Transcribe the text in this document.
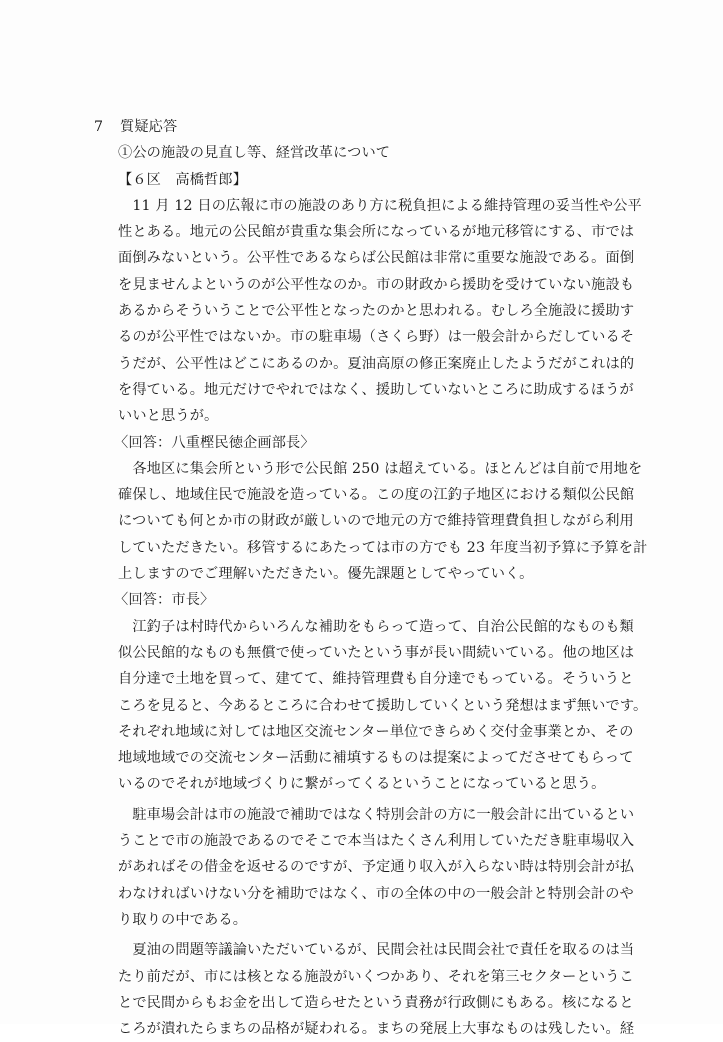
7 質疑応答
①公の施設の見直し等、経営改革について
【６区　高橋哲郎】
　11 月 12 日の広報に市の施設のあり方に税負担による維持管理の妥当性や公平
性とある。地元の公民館が貴重な集会所になっているが地元移管にする、市では
面倒みないという。公平性であるならば公民館は非常に重要な施設である。面倒
を見ませんよというのが公平性なのか。市の財政から援助を受けていない施設も
あるからそういうことで公平性となったのかと思われる。むしろ全施設に援助す
るのが公平性ではないか。市の駐車場（さくら野）は一般会計からだしているそ
うだが、公平性はどこにあるのか。夏油高原の修正案廃止したようだがこれは的
を得ている。地元だけでやれではなく、援助していないところに助成するほうが
いいと思うが。
〈回答：八重樫民徳企画部長〉
　各地区に集会所という形で公民館 250 は超えている。ほとんどは自前で用地を
確保し、地域住民で施設を造っている。この度の江釣子地区における類似公民館
についても何とか市の財政が厳しいので地元の方で維持管理費負担しながら利用
していただきたい。移管するにあたっては市の方でも 23 年度当初予算に予算を計
上しますのでご理解いただきたい。優先課題としてやっていく。
〈回答：市長〉
　江釣子は村時代からいろんな補助をもらって造って、自治公民館的なものも類
似公民館的なものも無償で使っていたという事が長い間続いている。他の地区は
自分達で土地を買って、建てて、維持管理費も自分達でもっている。そういうと
ころを見ると、今あるところに合わせて援助していくという発想はまず無いです。
それぞれ地域に対しては地区交流センター単位できらめく交付金事業とか、その
地域地域での交流センター活動に補填するものは提案によってださせてもらって
いるのでそれが地域づくりに繋がってくるということになっていると思う。
　駐車場会計は市の施設で補助ではなく特別会計の方に一般会計に出ているとい
うことで市の施設であるのでそこで本当はたくさん利用していただき駐車場収入
があればその借金を返せるのですが、予定通り収入が入らない時は特別会計が払
わなければいけない分を補助ではなく、市の全体の中の一般会計と特別会計のや
り取りの中である。
　夏油の問題等議論いただいているが、民間会社は民間会社で責任を取るのは当
たり前だが、市には核となる施設がいくつかあり、それを第三セクターというこ
とで民間からもお金を出して造らせたという責務が行政側にもある。核になると
ころが潰れたらまちの品格が疑われる。まちの発展上大事なものは残したい。経
